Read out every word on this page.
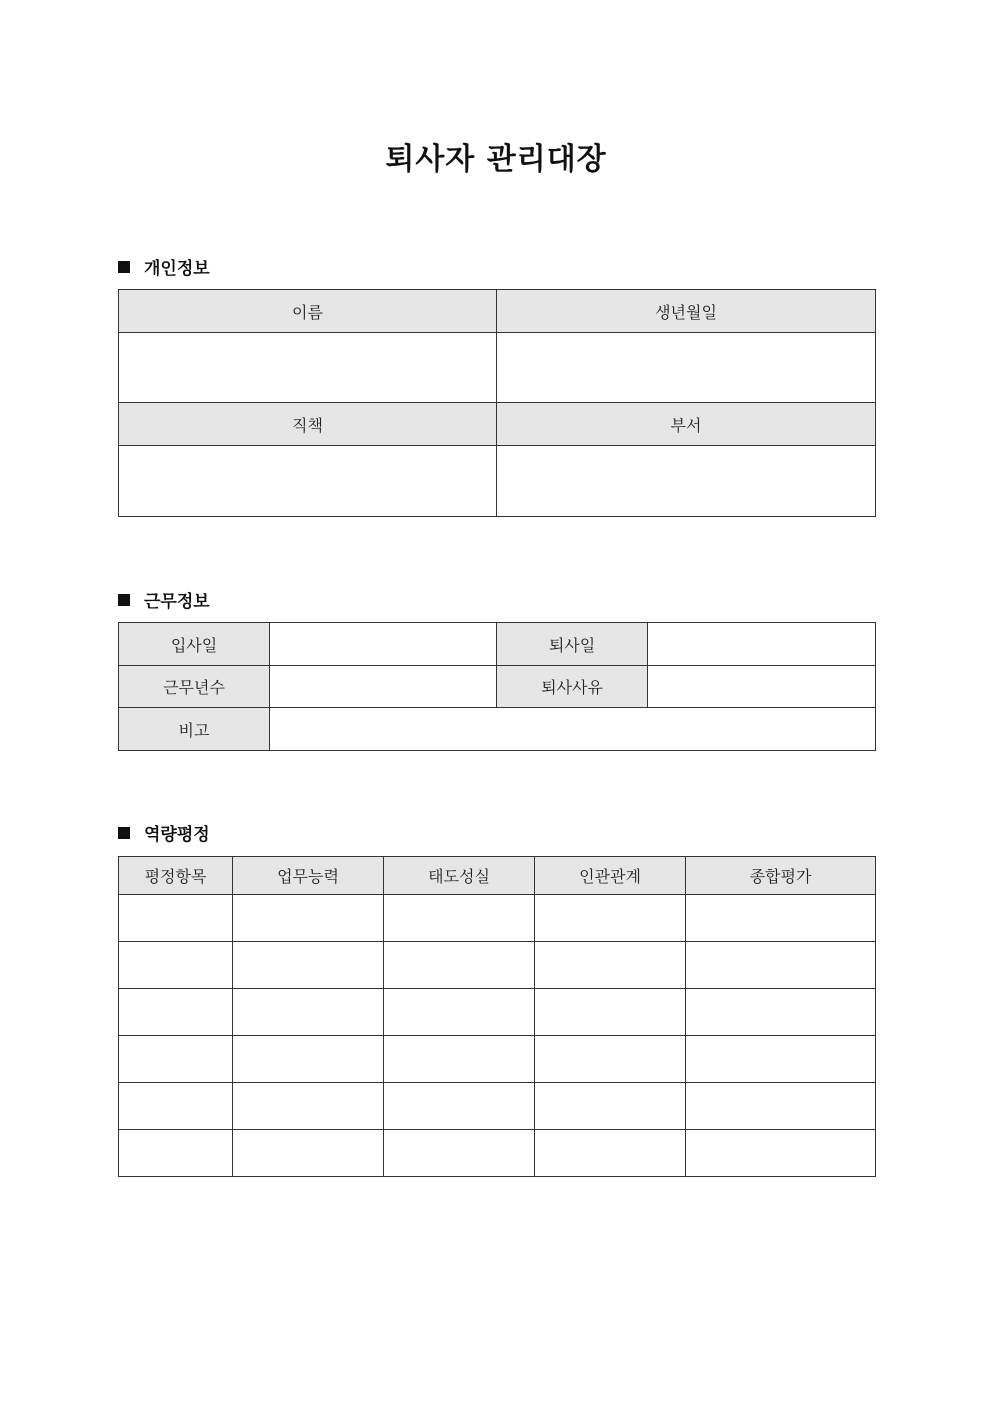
퇴사자 관리대장
개인정보
이름	생년월일

직책	부서

근무정보
입사일		퇴사일	
근무년수		퇴사사유	
비고			
역량평정
평정항목	업무능력	태도성실	인관관계	종합평가
